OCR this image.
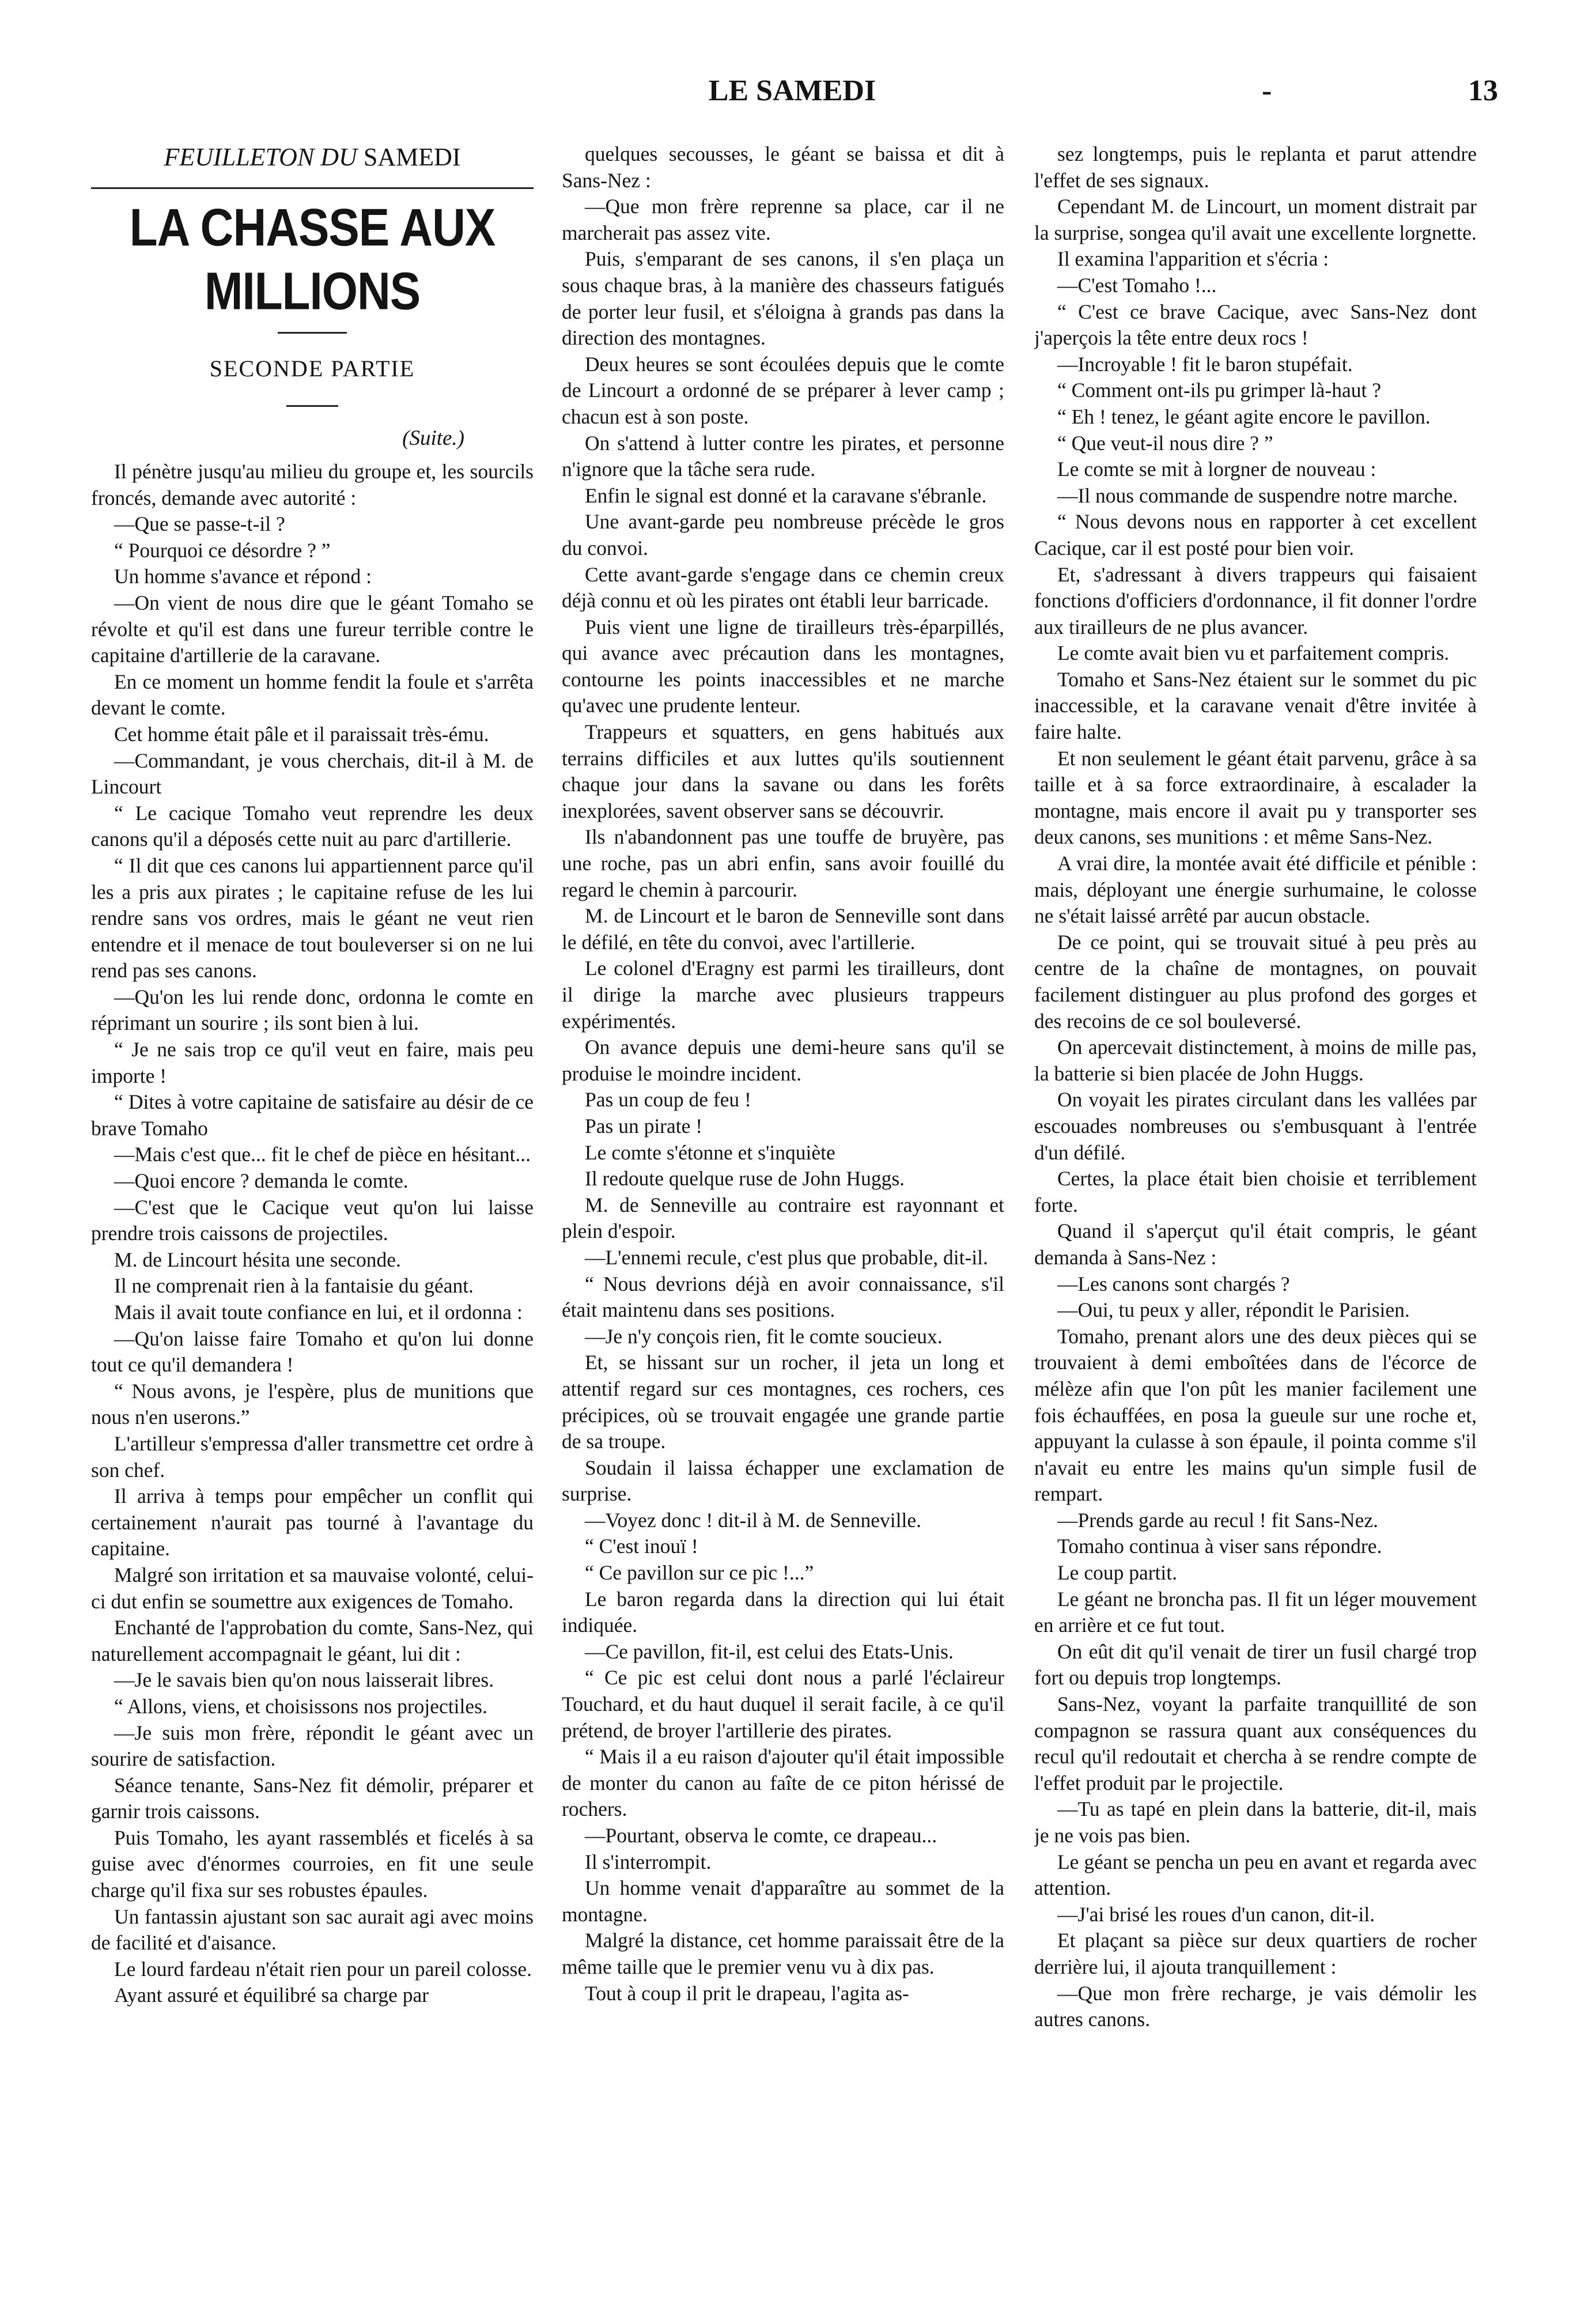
LE SAMEDI	-	13
FEUILLETON DU SAMEDI
LA CHASSE AUX MILLIONS
SECONDE PARTIE
(Suite.)

Il pénètre jusqu'au milieu du groupe et, les sourcils froncés, demande avec autorité :

—Que se passe-t-il ?

“ Pourquoi ce désordre ? ”

Un homme s'avance et répond :

—On vient de nous dire que le géant Tomaho se révolte et qu'il est dans une fureur terrible contre le capitaine d'artillerie de la caravane.

En ce moment un homme fendit la foule et s'arrêta devant le comte.

Cet homme était pâle et il paraissait très-ému.

—Commandant, je vous cherchais, dit-il à M. de Lincourt

“ Le cacique Tomaho veut reprendre les deux canons qu'il a déposés cette nuit au parc d'artillerie.

“ Il dit que ces canons lui appartiennent parce qu'il les a pris aux pirates ; le capitaine refuse de les lui rendre sans vos ordres, mais le géant ne veut rien entendre et il menace de tout bouleverser si on ne lui rend pas ses canons.

—Qu'on les lui rende donc, ordonna le comte en réprimant un sourire ; ils sont bien à lui.

“ Je ne sais trop ce qu'il veut en faire, mais peu importe !

“ Dites à votre capitaine de satisfaire au désir de ce brave Tomaho

—Mais c'est que... fit le chef de pièce en hésitant...

—Quoi encore ? demanda le comte.

—C'est que le Cacique veut qu'on lui laisse prendre trois caissons de projectiles.

M. de Lincourt hésita une seconde.

Il ne comprenait rien à la fantaisie du géant.

Mais il avait toute confiance en lui, et il ordonna :

—Qu'on laisse faire Tomaho et qu'on lui donne tout ce qu'il demandera !

“ Nous avons, je l'espère, plus de munitions que nous n'en userons.”

L'artilleur s'empressa d'aller transmettre cet ordre à son chef.

Il arriva à temps pour empêcher un conflit qui certainement n'aurait pas tourné à l'avantage du capitaine.

Malgré son irritation et sa mauvaise volonté, celui-ci dut enfin se soumettre aux exigences de Tomaho.

Enchanté de l'approbation du comte, Sans-Nez, qui naturellement accompagnait le géant, lui dit :

—Je le savais bien qu'on nous laisserait libres.

“ Allons, viens, et choisissons nos projectiles.

—Je suis mon frère, répondit le géant avec un sourire de satisfaction.

Séance tenante, Sans-Nez fit démolir, préparer et garnir trois caissons.

Puis Tomaho, les ayant rassemblés et ficelés à sa guise avec d'énormes courroies, en fit une seule charge qu'il fixa sur ses robustes épaules.

Un fantassin ajustant son sac aurait agi avec moins de facilité et d'aisance.

Le lourd fardeau n'était rien pour un pareil colosse.

Ayant assuré et équilibré sa charge par

quelques secousses, le géant se baissa et dit à Sans-Nez :

—Que mon frère reprenne sa place, car il ne marcherait pas assez vite.

Puis, s'emparant de ses canons, il s'en plaça un sous chaque bras, à la manière des chasseurs fatigués de porter leur fusil, et s'éloigna à grands pas dans la direction des montagnes.

Deux heures se sont écoulées depuis que le comte de Lincourt a ordonné de se préparer à lever camp ; chacun est à son poste.

On s'attend à lutter contre les pirates, et personne n'ignore que la tâche sera rude.

Enfin le signal est donné et la caravane s'ébranle.

Une avant-garde peu nombreuse précède le gros du convoi.

Cette avant-garde s'engage dans ce chemin creux déjà connu et où les pirates ont établi leur barricade.

Puis vient une ligne de tirailleurs très-éparpillés, qui avance avec précaution dans les montagnes, contourne les points inaccessibles et ne marche qu'avec une prudente lenteur.

Trappeurs et squatters, en gens habitués aux terrains difficiles et aux luttes qu'ils soutiennent chaque jour dans la savane ou dans les forêts inexplorées, savent observer sans se découvrir.

Ils n'abandonnent pas une touffe de bruyère, pas une roche, pas un abri enfin, sans avoir fouillé du regard le chemin à parcourir.

M. de Lincourt et le baron de Senneville sont dans le défilé, en tête du convoi, avec l'artillerie.

Le colonel d'Eragny est parmi les tirailleurs, dont il dirige la marche avec plusieurs trappeurs expérimentés.

On avance depuis une demi-heure sans qu'il se produise le moindre incident.

Pas un coup de feu !

Pas un pirate !

Le comte s'étonne et s'inquiète

Il redoute quelque ruse de John Huggs.

M. de Senneville au contraire est rayonnant et plein d'espoir.

—L'ennemi recule, c'est plus que probable, dit-il.

“ Nous devrions déjà en avoir connaissance, s'il était maintenu dans ses positions.

—Je n'y conçois rien, fit le comte soucieux.

Et, se hissant sur un rocher, il jeta un long et attentif regard sur ces montagnes, ces rochers, ces précipices, où se trouvait engagée une grande partie de sa troupe.

Soudain il laissa échapper une exclamation de surprise.

—Voyez donc ! dit-il à M. de Senneville.

“ C'est inouï !

“ Ce pavillon sur ce pic !...”

Le baron regarda dans la direction qui lui était indiquée.

—Ce pavillon, fit-il, est celui des Etats-Unis.

“ Ce pic est celui dont nous a parlé l'éclaireur Touchard, et du haut duquel il serait facile, à ce qu'il prétend, de broyer l'artillerie des pirates.

“ Mais il a eu raison d'ajouter qu'il était impossible de monter du canon au faîte de ce piton hérissé de rochers.

—Pourtant, observa le comte, ce drapeau...

Il s'interrompit.

Un homme venait d'apparaître au sommet de la montagne.

Malgré la distance, cet homme paraissait être de la même taille que le premier venu vu à dix pas.

Tout à coup il prit le drapeau, l'agita as-

sez longtemps, puis le replanta et parut attendre l'effet de ses signaux.

Cependant M. de Lincourt, un moment distrait par la surprise, songea qu'il avait une excellente lorgnette.

Il examina l'apparition et s'écria :

—C'est Tomaho !...

“ C'est ce brave Cacique, avec Sans-Nez dont j'aperçois la tête entre deux rocs !

—Incroyable ! fit le baron stupéfait.

“ Comment ont-ils pu grimper là-haut ?

“ Eh ! tenez, le géant agite encore le pavillon.

“ Que veut-il nous dire ? ”

Le comte se mit à lorgner de nouveau :

—Il nous commande de suspendre notre marche.

“ Nous devons nous en rapporter à cet excellent Cacique, car il est posté pour bien voir.

Et, s'adressant à divers trappeurs qui faisaient fonctions d'officiers d'ordonnance, il fit donner l'ordre aux tirailleurs de ne plus avancer.

Le comte avait bien vu et parfaitement compris.

Tomaho et Sans-Nez étaient sur le sommet du pic inaccessible, et la caravane venait d'être invitée à faire halte.

Et non seulement le géant était parvenu, grâce à sa taille et à sa force extraordinaire, à escalader la montagne, mais encore il avait pu y transporter ses deux canons, ses munitions : et même Sans-Nez.

A vrai dire, la montée avait été difficile et pénible : mais, déployant une énergie surhumaine, le colosse ne s'était laissé arrêté par aucun obstacle.

De ce point, qui se trouvait situé à peu près au centre de la chaîne de montagnes, on pouvait facilement distinguer au plus profond des gorges et des recoins de ce sol bouleversé.

On apercevait distinctement, à moins de mille pas, la batterie si bien placée de John Huggs.

On voyait les pirates circulant dans les vallées par escouades nombreuses ou s'embusquant à l'entrée d'un défilé.

Certes, la place était bien choisie et terriblement forte.

Quand il s'aperçut qu'il était compris, le géant demanda à Sans-Nez :

—Les canons sont chargés ?

—Oui, tu peux y aller, répondit le Parisien.

Tomaho, prenant alors une des deux pièces qui se trouvaient à demi emboîtées dans de l'écorce de mélèze afin que l'on pût les manier facilement une fois échauffées, en posa la gueule sur une roche et, appuyant la culasse à son épaule, il pointa comme s'il n'avait eu entre les mains qu'un simple fusil de rempart.

—Prends garde au recul ! fit Sans-Nez.

Tomaho continua à viser sans répondre.

Le coup partit.

Le géant ne broncha pas. Il fit un léger mouvement en arrière et ce fut tout.

On eût dit qu'il venait de tirer un fusil chargé trop fort ou depuis trop longtemps.

Sans-Nez, voyant la parfaite tranquillité de son compagnon se rassura quant aux conséquences du recul qu'il redoutait et chercha à se rendre compte de l'effet produit par le projectile.

—Tu as tapé en plein dans la batterie, dit-il, mais je ne vois pas bien.

Le géant se pencha un peu en avant et regarda avec attention.

—J'ai brisé les roues d'un canon, dit-il.

Et plaçant sa pièce sur deux quartiers de rocher derrière lui, il ajouta tranquillement :

—Que mon frère recharge, je vais démolir les autres canons.
